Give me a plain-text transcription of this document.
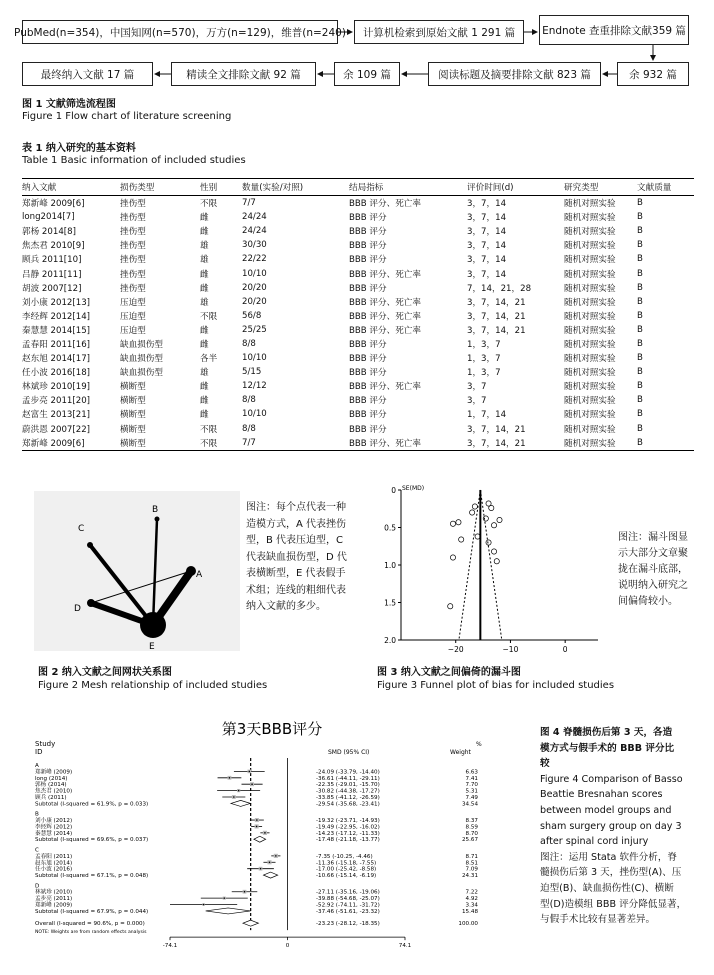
PubMed(n=354)，中国知网(n=570)，万方(n=129)，维普(n=240)	计算机检索到原始文献 1 291 篇	Endnote 查重排除文献359 篇
余 932 篇
阅读标题及摘要排除文献 823 篇
余 109 篇
精读全文排除文献 92 篇
最终纳入文献 17 篇
图 1 文献筛选流程图
Figure 1 Flow chart of literature screening
表 1 纳入研究的基本资料
Table 1 Basic information of included studies
纳入文献	损伤类型	性别	数量(实验/对照)	结局指标	评价时间(d)	研究类型	文献质量
郑新峰 2009[6]	挫伤型	不限	7/7	BBB 评分、死亡率	3，7，14	随机对照实验	B
long2014[7]	挫伤型	雌	24/24	BBB 评分	3，7，14	随机对照实验	B
郭杨 2014[8]	挫伤型	雌	24/24	BBB 评分	3，7，14	随机对照实验	B
焦杰君 2010[9]	挫伤型	雄	30/30	BBB 评分	3，7，14	随机对照实验	B
顾兵 2011[10]	挫伤型	雄	22/22	BBB 评分	3，7，14	随机对照实验	B
吕静 2011[11]	挫伤型	雌	10/10	BBB 评分、死亡率	3，7，14	随机对照实验	B
胡波 2007[12]	挫伤型	雌	20/20	BBB 评分	7，14，21，28	随机对照实验	B
刘小康 2012[13]	压迫型	雄	20/20	BBB 评分、死亡率	3，7，14，21	随机对照实验	B
李经辉 2012[14]	压迫型	不限	56/8	BBB 评分、死亡率	3，7，14，21	随机对照实验	B
秦慧慧 2014[15]	压迫型	雌	25/25	BBB 评分、死亡率	3，7，14，21	随机对照实验	B
孟春阳 2011[16]	缺血损伤型	雌	8/8	BBB 评分	1，3，7	随机对照实验	B
赵东旭 2014[17]	缺血损伤型	各半	10/10	BBB 评分	1，3，7	随机对照实验	B
任小波 2016[18]	缺血损伤型	雄	5/15	BBB 评分	1，3，7	随机对照实验	B
林斌珍 2010[19]	横断型	雌	12/12	BBB 评分、死亡率	3，7	随机对照实验	B
孟步亮 2011[20]	横断型	雌	8/8	BBB 评分	3，7	随机对照实验	B
赵富生 2013[21]	横断型	雌	10/10	BBB 评分	1，7，14	随机对照实验	B
蔚洪恩 2007[22]	横断型	不限	8/8	BBB 评分	3，7，14，21	随机对照实验	B
郑新峰 2009[6]	横断型	不限	7/7	BBB 评分、死亡率	3，7，14，21	随机对照实验	B
B
C
A
D
E
图注：每个点代表一种
造模方式，A 代表挫伤
型，B 代表压迫型，C
代表缺血损伤型，D 代
表横断型，E 代表假手
术组；连线的粗细代表
纳入文献的多少。
图 2 纳入文献之间网状关系图
Figure 2 Mesh relationship of included studies
SE(MD)
0
0.5
1.0
1.5
2.0
−20	−10	0
图注：漏斗图显
示大部分文章聚
拢在漏斗底部，
说明纳入研究之
间偏倚较小。
图 3 纳入文献之间偏倚的漏斗图
Figure 3 Funnel plot of bias for included studies
第3天BBB评分
Study
ID	SMD (95% CI)
%
Weight
A
郑新峰 (2009)	-24.09 (-33.79, -14.40)	6.63
long (2014)	-36.61 (-44.11, -29.11)	7.41
郭杨 (2014)	-22.35 (-29.01, -15.70)	7.70
焦杰君 (2010)	-30.82 (-44.38, -17.27)	5.31
顾兵 (2011)	-33.85 (-41.12, -26.59)	7.49
Subtotal (I-squared = 61.9%, p = 0.033)	-29.54 (-35.68, -23.41)	34.54
B
刘小康 (2012)	-19.32 (-23.71, -14.93)	8.37
李经辉 (2012)	-19.49 (-22.95, -16.02)	8.59
秦慧慧 (2014)	-14.23 (-17.12, -11.33)	8.70
Subtotal (I-squared = 69.6%, p = 0.037)	-17.48 (-21.18, -13.77)	25.67
C
孟春阳 (2011)	-7.35 (-10.25, -4.46)	8.71
赵东旭 (2014)	-11.36 (-15.18, -7.55)	8.51
任小波 (2016)	-17.00 (-25.42, -8.58)	7.09
Subtotal (I-squared = 67.1%, p = 0.048)	-10.66 (-15.14, -6.19)	24.31
D
林斌珍 (2010)	-27.11 (-35.16, -19.06)	7.22
孟步亮 (2011)	-39.88 (-54.68, -25.07)	4.92
郑新峰 (2009)	-52.92 (-74.11, -31.72)	3.34
Subtotal (I-squared = 67.9%, p = 0.044)	-37.46 (-51.61, -23.32)	15.48
Overall (I-squared = 90.6%, p = 0.000)	-23.23 (-28.12, -18.35)	100.00
NOTE: Weights are from random effects analysis
-74.1	0	74.1
图 4 脊髓损伤后第 3 天，各造
模方式与假手术的 BBB 评分比
较
Figure 4 Comparison of Basso
Beattie Bresnahan scores
between model groups and
sham surgery group on day 3
after spinal cord injury
图注：运用 Stata 软件分析，脊
髓损伤后第 3 天，挫伤型(A)、压
迫型(B)、缺血损伤性(C)、横断
型(D)造模组 BBB 评分降低显著，
与假手术比较有显著差异。
